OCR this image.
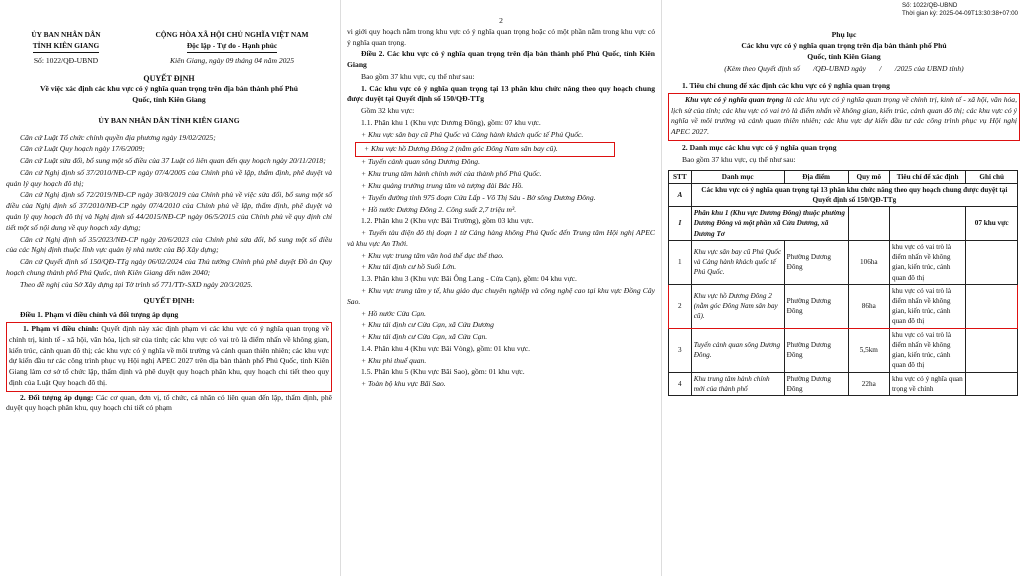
ỦY BAN NHÂN DÂN
TỈNH KIÊN GIANG
CỘNG HÒA XÃ HỘI CHỦ NGHĨA VIỆT NAM
Độc lập - Tự do - Hạnh phúc
Số: 1022/QĐ-UBND	Kiên Giang, ngày 09 tháng 04 năm 2025
QUYẾT ĐỊNH
Về việc xác định các khu vực có ý nghĩa quan trọng trên địa bàn thành phố Phú Quốc, tỉnh Kiên Giang
ỦY BAN NHÂN DÂN TỈNH KIÊN GIANG

Căn cứ Luật Tổ chức chính quyền địa phương ngày 19/02/2025;

Căn cứ Luật Quy hoạch ngày 17/6/2009;

Căn cứ Luật sửa đổi, bổ sung một số điều của 37 Luật có liên quan đến quy hoạch ngày 20/11/2018;

Căn cứ Nghị định số 37/2010/NĐ-CP ngày 07/4/2005 của Chính phủ về lập, thẩm định, phê duyệt và quản lý quy hoạch đô thị;

Căn cứ Nghị định số 72/2019/NĐ-CP ngày 30/8/2019 của Chính phủ về việc sửa đổi, bổ sung một số điều của Nghị định số 37/2010/NĐ-CP ngày 07/4/2010 của Chính phủ về lập, thẩm định, phê duyệt và quản lý quy hoạch đô thị và Nghị định số 44/2015/NĐ-CP ngày 06/5/2015 của Chính phủ về quy định chi tiết một số nội dung về quy hoạch xây dựng;

Căn cứ Nghị định số 35/2023/NĐ-CP ngày 20/6/2023 của Chính phủ sửa đổi, bổ sung một số điều của các Nghị định thuộc lĩnh vực quản lý nhà nước của Bộ Xây dựng;

Căn cứ Quyết định số 150/QĐ-TTg ngày 06/02/2024 của Thủ tướng Chính phủ phê duyệt Đồ án Quy hoạch chung thành phố Phú Quốc, tỉnh Kiên Giang đến năm 2040;

Theo đề nghị của Sở Xây dựng tại Tờ trình số 771/TTr-SXD ngày 20/3/2025.

QUYẾT ĐỊNH:

Điều 1. Phạm vi điều chỉnh và đối tượng áp dụng

1. Phạm vi điều chỉnh: Quyết định này xác định phạm vi các khu vực có ý nghĩa quan trọng về chính trị, kinh tế - xã hội, văn hóa, lịch sử của tỉnh; các khu vực có vai trò là điểm nhấn về không gian, kiến trúc, cảnh quan đô thị; các khu vực có ý nghĩa về môi trường và cảnh quan thiên nhiên; các khu vực dự kiến đầu tư các công trình phục vụ Hội nghị APEC 2027 trên địa bàn thành phố Phú Quốc, tỉnh Kiên Giang làm cơ sở tổ chức lập, thẩm định và phê duyệt quy hoạch phân khu, quy hoạch chi tiết theo quy định của Luật Quy hoạch đô thị.

2. Đối tượng áp dụng: Các cơ quan, đơn vị, tổ chức, cá nhân có liên quan đến lập, thẩm định, phê duyệt quy hoạch phân khu, quy hoạch chi tiết có phạm

2

vi giới quy hoạch nằm trong khu vực có ý nghĩa quan trọng hoặc có một phần nằm trong khu vực có ý nghĩa quan trọng.

Điều 2. Các khu vực có ý nghĩa quan trọng trên địa bàn thành phố Phú Quốc, tỉnh Kiên Giang

Bao gồm 37 khu vực, cụ thể như sau:

1. Các khu vực có ý nghĩa quan trọng tại 13 phân khu chức năng theo quy hoạch chung được duyệt tại Quyết định số 150/QĐ-TTg

Gồm 32 khu vực:

1.1. Phân khu 1 (Khu vực Dương Đông), gồm: 07 khu vực.

+ Khu vực sân bay cũ Phú Quốc và Cảng hành khách quốc tế Phú Quốc.

+ Khu vực hồ Dương Đông 2 (nằm góc Đông Nam sân bay cũ).

+ Tuyến cảnh quan sông Dương Đông.

+ Khu trung tâm hành chính mới của thành phố Phú Quốc.

+ Khu quảng trường trung tâm và tượng đài Bác Hồ.

+ Tuyến đường tỉnh 975 đoạn Cửa Lấp - Võ Thị Sáu - Bờ sông Dương Đông.

+ Hồ nước Dương Đông 2. Công suất 2,7 triệu m³.

1.2. Phân khu 2 (Khu vực Bãi Trường), gồm 03 khu vực.

+ Tuyến tàu điện đô thị đoạn 1 từ Cảng hàng không Phú Quốc đến Trung tâm Hội nghị APEC và khu vực An Thới.

+ Khu vực trung tâm văn hoá thể dục thể thao.

+ Khu tái định cư hồ Suối Lớn.

1.3. Phân khu 3 (Khu vực Bãi Ông Lang - Cửa Cạn), gồm: 04 khu vực.

+ Khu vực trung tâm y tế, khu giáo dục chuyên nghiệp và công nghệ cao tại khu vực Đồng Cây Sao.

+ Hồ nước Cửa Cạn.

+ Khu tái định cư Cửa Cạn, xã Cửa Dương

+ Khu tái định cư Cửa Cạn, xã Cửa Cạn.

1.4. Phân khu 4 (Khu vực Bãi Vòng), gồm: 01 khu vực.

+ Khu phi thuế quan.

1.5. Phân khu 5 (Khu vực Bãi Sao), gồm: 01 khu vực.

+ Toàn bộ khu vực Bãi Sao.

Số: 1022/QĐ-UBND
Thời gian ký: 2025-04-09T13:30:38+07:00
Phụ lục
Các khu vực có ý nghĩa quan trọng trên địa bàn thành phố Phú Quốc, tỉnh Kiên Giang
(Kèm theo Quyết định số       /QĐ-UBND ngày       /       /2025 của UBND tỉnh)

1. Tiêu chí chung để xác định các khu vực có ý nghĩa quan trọng

Khu vực có ý nghĩa quan trọng là các khu vực có ý nghĩa quan trọng về chính trị, kinh tế - xã hội, văn hóa, lịch sử của tỉnh; các khu vực có vai trò là điểm nhấn về không gian, kiến trúc, cảnh quan đô thị; các khu vực có ý nghĩa về môi trường và cảnh quan thiên nhiên; các khu vực dự kiến đầu tư các công trình phục vụ Hội nghị APEC 2027.

2. Danh mục các khu vực có ý nghĩa quan trọng

Bao gồm 37 khu vực, cụ thể như sau:

STT	Danh mục	Địa điểm	Quy mô	Tiêu chí để xác định	Ghi chú
A	Các khu vực có ý nghĩa quan trọng tại 13 phân khu chức năng theo quy hoạch chung được duyệt tại Quyết định số 150/QĐ-TTg				
I	Phân khu 1 (Khu vực Dương Đông) thuộc phường Dương Đông và một phần xã Cửa Dương, xã Dương Tơ				07 khu vực
1	Khu vực sân bay cũ Phú Quốc và Cảng hành khách quốc tế Phú Quốc.	Phường Dương Đông	106ha	khu vực có vai trò là điểm nhấn về không gian, kiến trúc, cảnh quan đô thị	
2	Khu vực hồ Dương Đông 2 (nằm góc Đông Nam sân bay cũ).	Phường Dương Đông	86ha	khu vực có vai trò là điểm nhấn về không gian, kiến trúc, cảnh quan đô thị	
3	Tuyến cảnh quan sông Dương Đông.	Phường Dương Đông	5,5km	khu vực có vai trò là điểm nhấn về không gian, kiến trúc, cảnh quan đô thị	
4	Khu trung tâm hành chính mới của thành phố	Phường Dương Đông	22ha	khu vực có ý nghĩa quan trọng về chính	
